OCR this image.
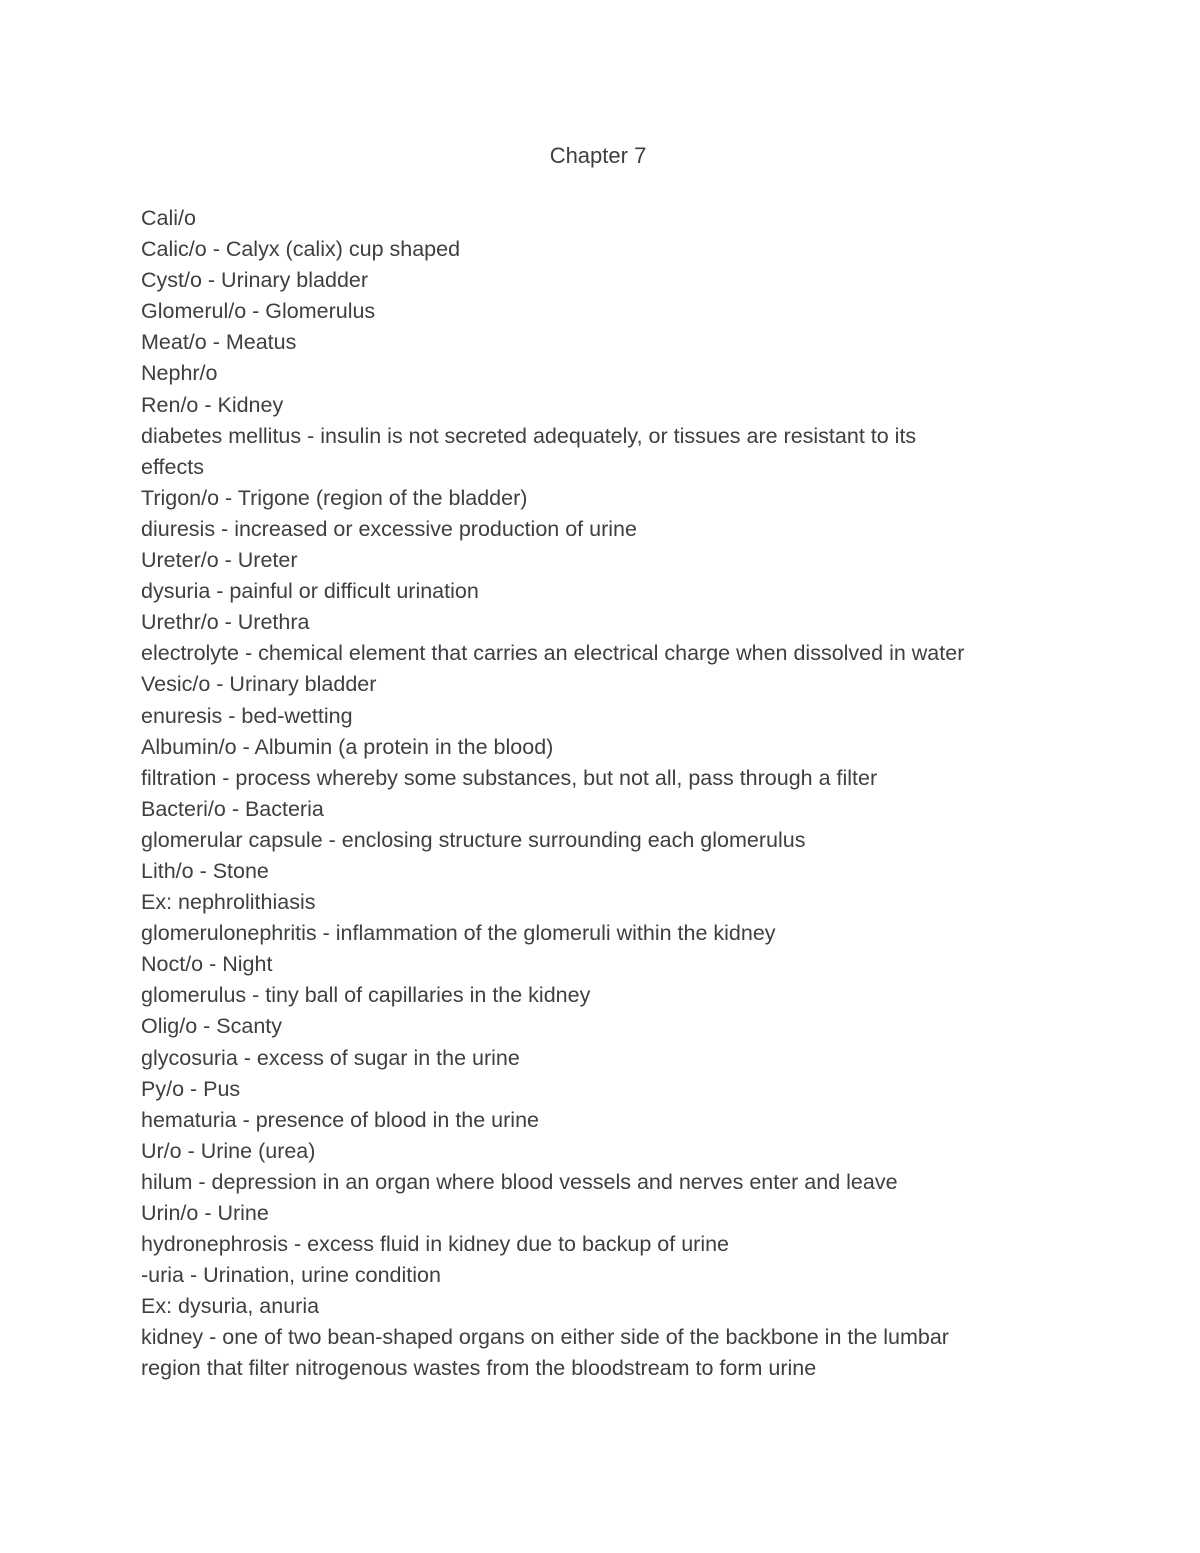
Chapter 7
Cali/o
Calic/o - Calyx (calix) cup shaped
Cyst/o - Urinary bladder
Glomerul/o - Glomerulus
Meat/o - Meatus
Nephr/o
Ren/o - Kidney
diabetes mellitus - insulin is not secreted adequately, or tissues are resistant to its
effects
Trigon/o - Trigone (region of the bladder)
diuresis - increased or excessive production of urine
Ureter/o - Ureter
dysuria - painful or difficult urination
Urethr/o - Urethra
electrolyte - chemical element that carries an electrical charge when dissolved in water
Vesic/o - Urinary bladder
enuresis - bed-wetting
Albumin/o - Albumin (a protein in the blood)
filtration - process whereby some substances, but not all, pass through a filter
Bacteri/o - Bacteria
glomerular capsule - enclosing structure surrounding each glomerulus
Lith/o - Stone
Ex: nephrolithiasis
glomerulonephritis - inflammation of the glomeruli within the kidney
Noct/o - Night
glomerulus - tiny ball of capillaries in the kidney
Olig/o - Scanty
glycosuria - excess of sugar in the urine
Py/o - Pus
hematuria - presence of blood in the urine
Ur/o - Urine (urea)
hilum - depression in an organ where blood vessels and nerves enter and leave
Urin/o - Urine
hydronephrosis - excess fluid in kidney due to backup of urine
-uria - Urination, urine condition
Ex: dysuria, anuria
kidney - one of two bean-shaped organs on either side of the backbone in the lumbar
region that filter nitrogenous wastes from the bloodstream to form urine
